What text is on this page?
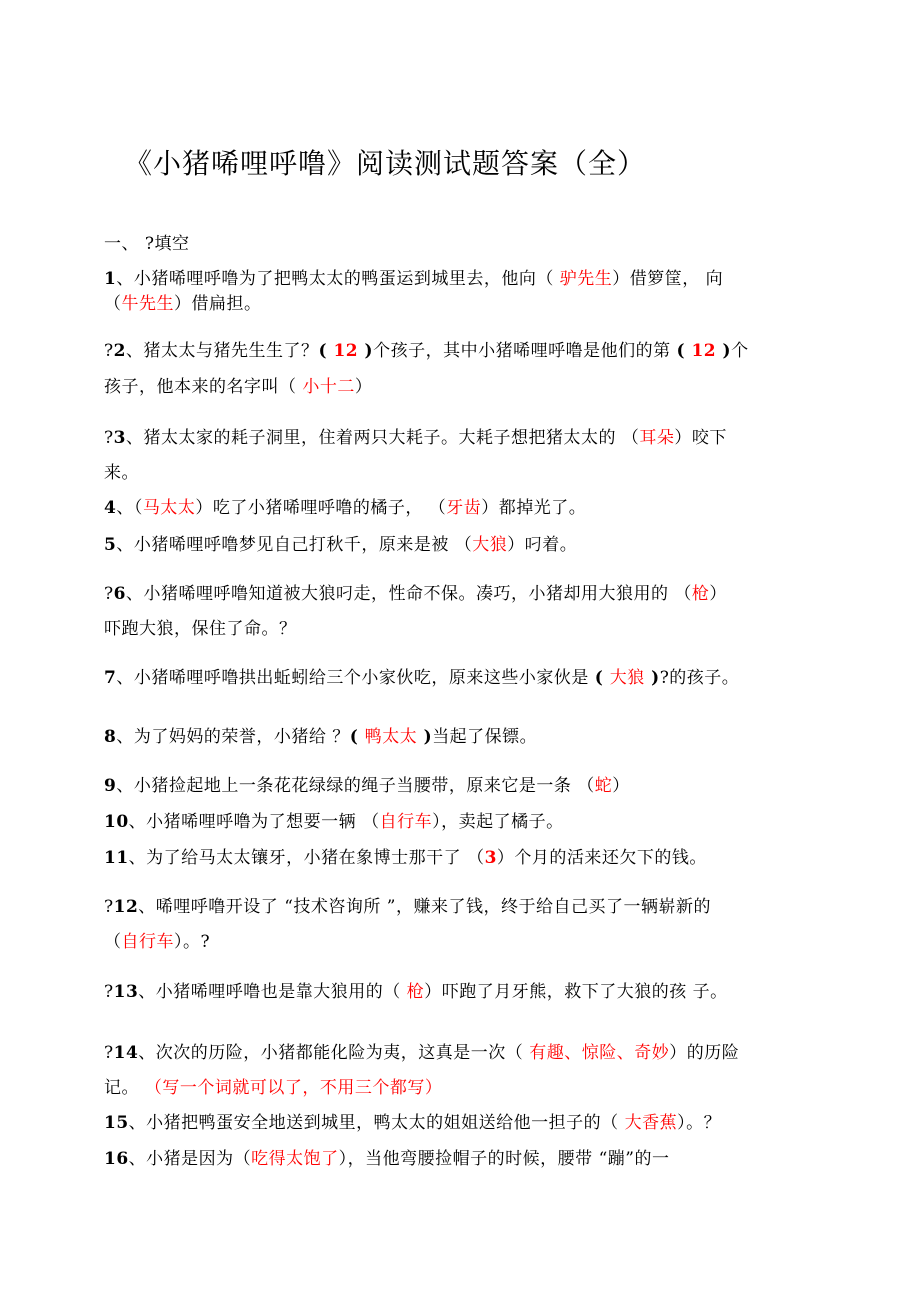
《小猪唏哩呼噜》阅读测试题答案（全）
一、 ?填空
1、小猪唏哩呼噜为了把鸭太太的鸭蛋运到城里去，他向（ 驴先生）借箩筐， 向
（牛先生）借扁担。
?2、猪太太与猪先生生了？( 12 )个孩子，其中小猪唏哩呼噜是他们的第 ( 12 )个
孩子，他本来的名字叫（ 小十二）
?3、猪太太家的耗子洞里，住着两只大耗子。大耗子想把猪太太的 （耳朵）咬下
来。
4、（马太太）吃了小猪唏哩呼噜的橘子， （牙齿）都掉光了。
5、小猪唏哩呼噜梦见自己打秋千，原来是被 （大狼）叼着。
?6、小猪唏哩呼噜知道被大狼叼走，性命不保。凑巧，小猪却用大狼用的 （枪）
吓跑大狼，保住了命。？
7、小猪唏哩呼噜拱出蚯蚓给三个小家伙吃，原来这些小家伙是 ( 大狼 )?的孩子。
8、为了妈妈的荣誉，小猪给 ？( 鸭太太 )当起了保镖。
9、小猪捡起地上一条花花绿绿的绳子当腰带，原来它是一条 （蛇）
10、小猪唏哩呼噜为了想要一辆 （自行车），卖起了橘子。
11、为了给马太太镶牙，小猪在象博士那干了 （3）个月的活来还欠下的钱。
?12、唏哩呼噜开设了 “技术咨询所 ”，赚来了钱，终于给自己买了一辆崭新的
（自行车）。?
?13、小猪唏哩呼噜也是靠大狼用的（ 枪）吓跑了月牙熊，救下了大狼的孩 子。
?14、次次的历险，小猪都能化险为夷，这真是一次（ 有趣、惊险、奇妙）的历险
记。 （写一个词就可以了，不用三个都写）
15、小猪把鸭蛋安全地送到城里，鸭太太的姐姐送给他一担子的（ 大香蕉）。？
16、小猪是因为（吃得太饱了），当他弯腰捡帽子的时候，腰带 “蹦”的一
